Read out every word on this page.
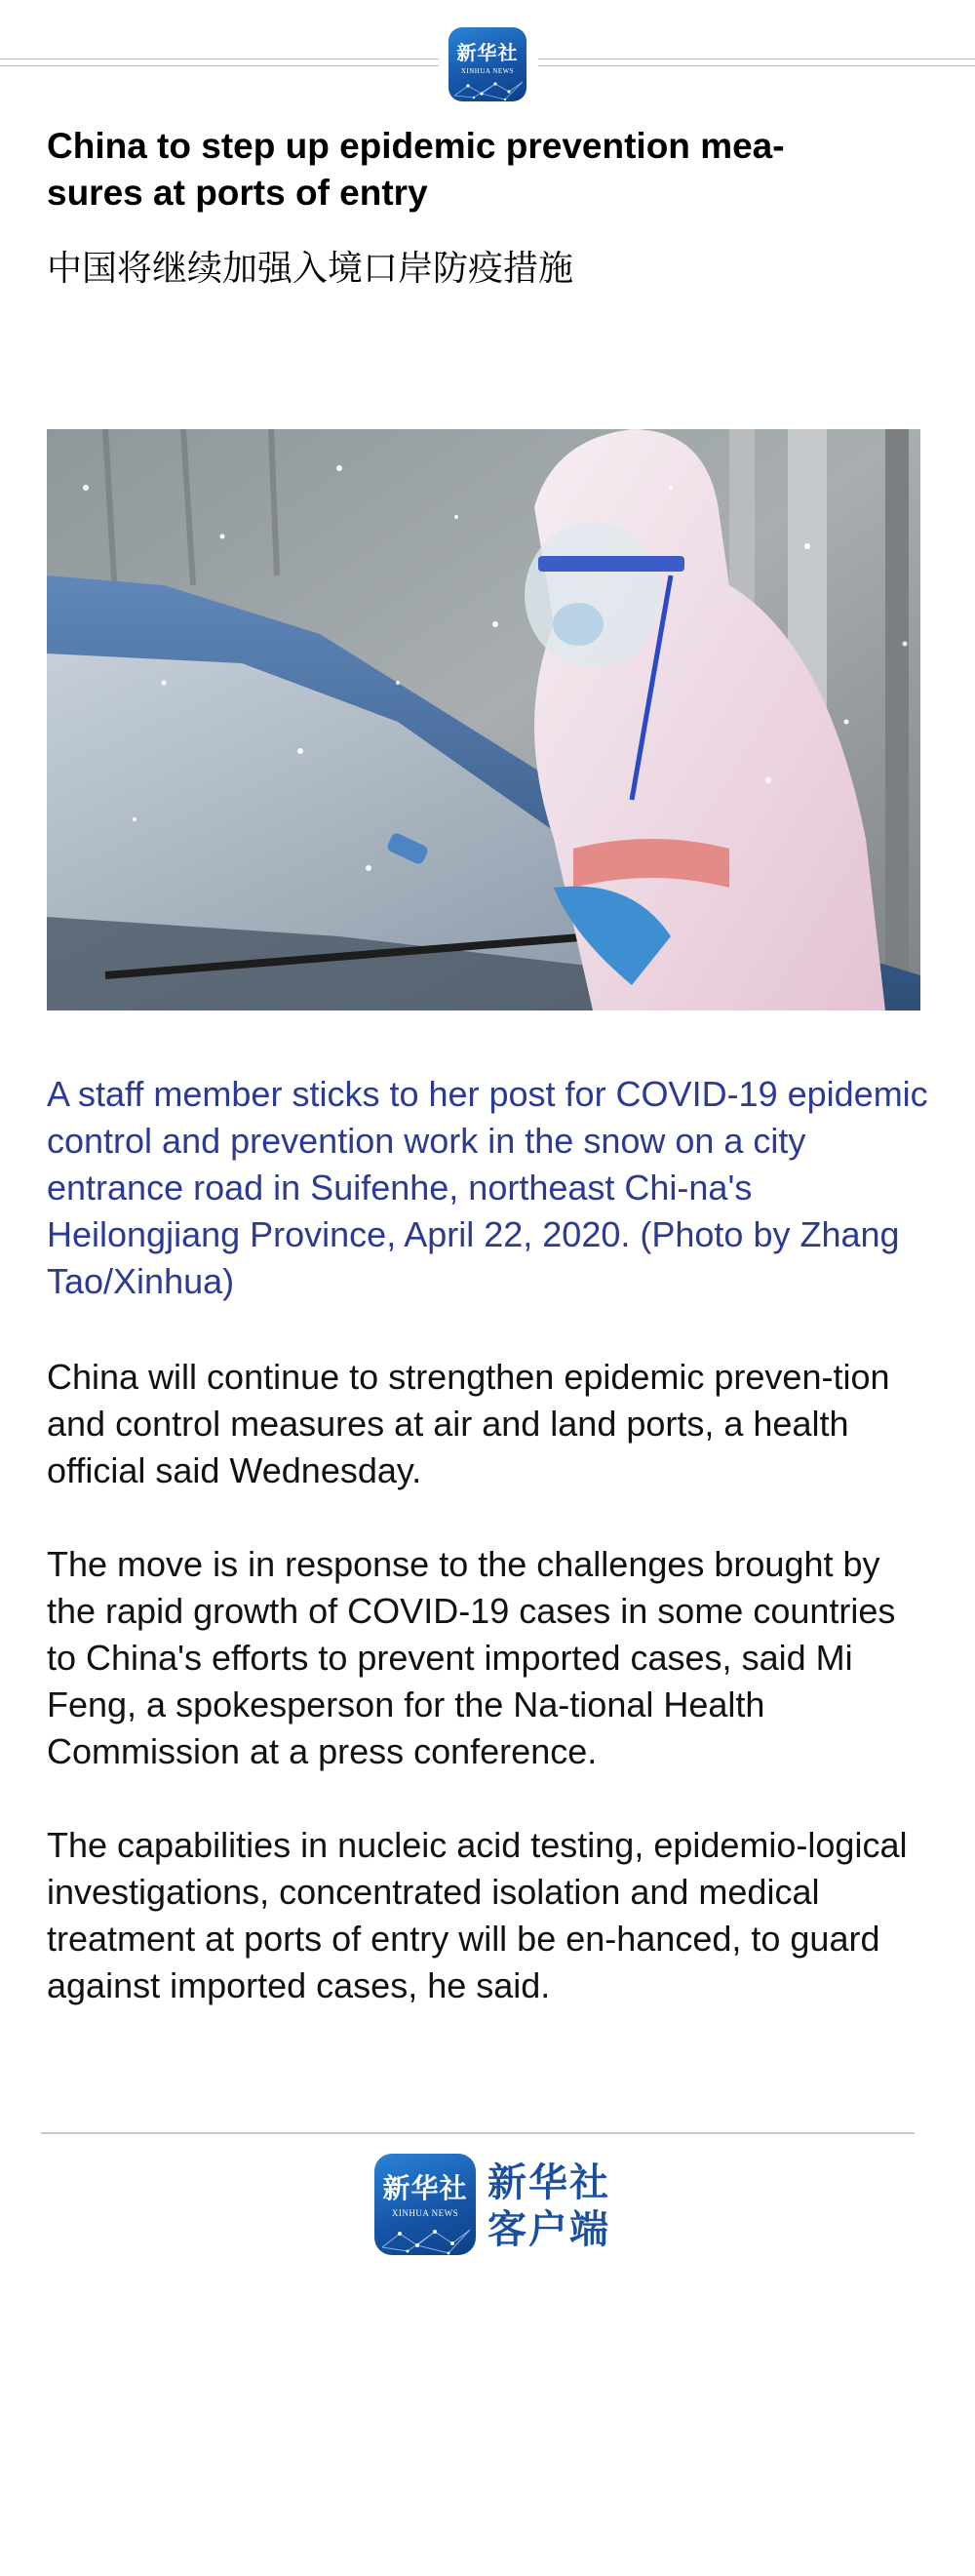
新华社
XINHUA NEWS
China to step up epidemic prevention mea-
sures at ports of entry
中国将继续加强入境口岸防疫措施

A staff member sticks to her post for COVID-19 epidemic control and prevention work in the snow on a city entrance road in Suifenhe, northeast Chi-na's Heilongjiang Province, April 22, 2020. (Photo by Zhang Tao/Xinhua)

China will continue to strengthen epidemic preven-tion and control measures at air and land ports, a health official said Wednesday.

The move is in response to the challenges brought by the rapid growth of COVID-19 cases in some countries to China's efforts to prevent imported cases, said Mi Feng, a spokesperson for the Na-tional Health Commission at a press conference.

The capabilities in nucleic acid testing, epidemio-logical investigations, concentrated isolation and medical treatment at ports of entry will be en-hanced, to guard against imported cases, he said.

新华社
XINHUA NEWS
新华社
客户端
